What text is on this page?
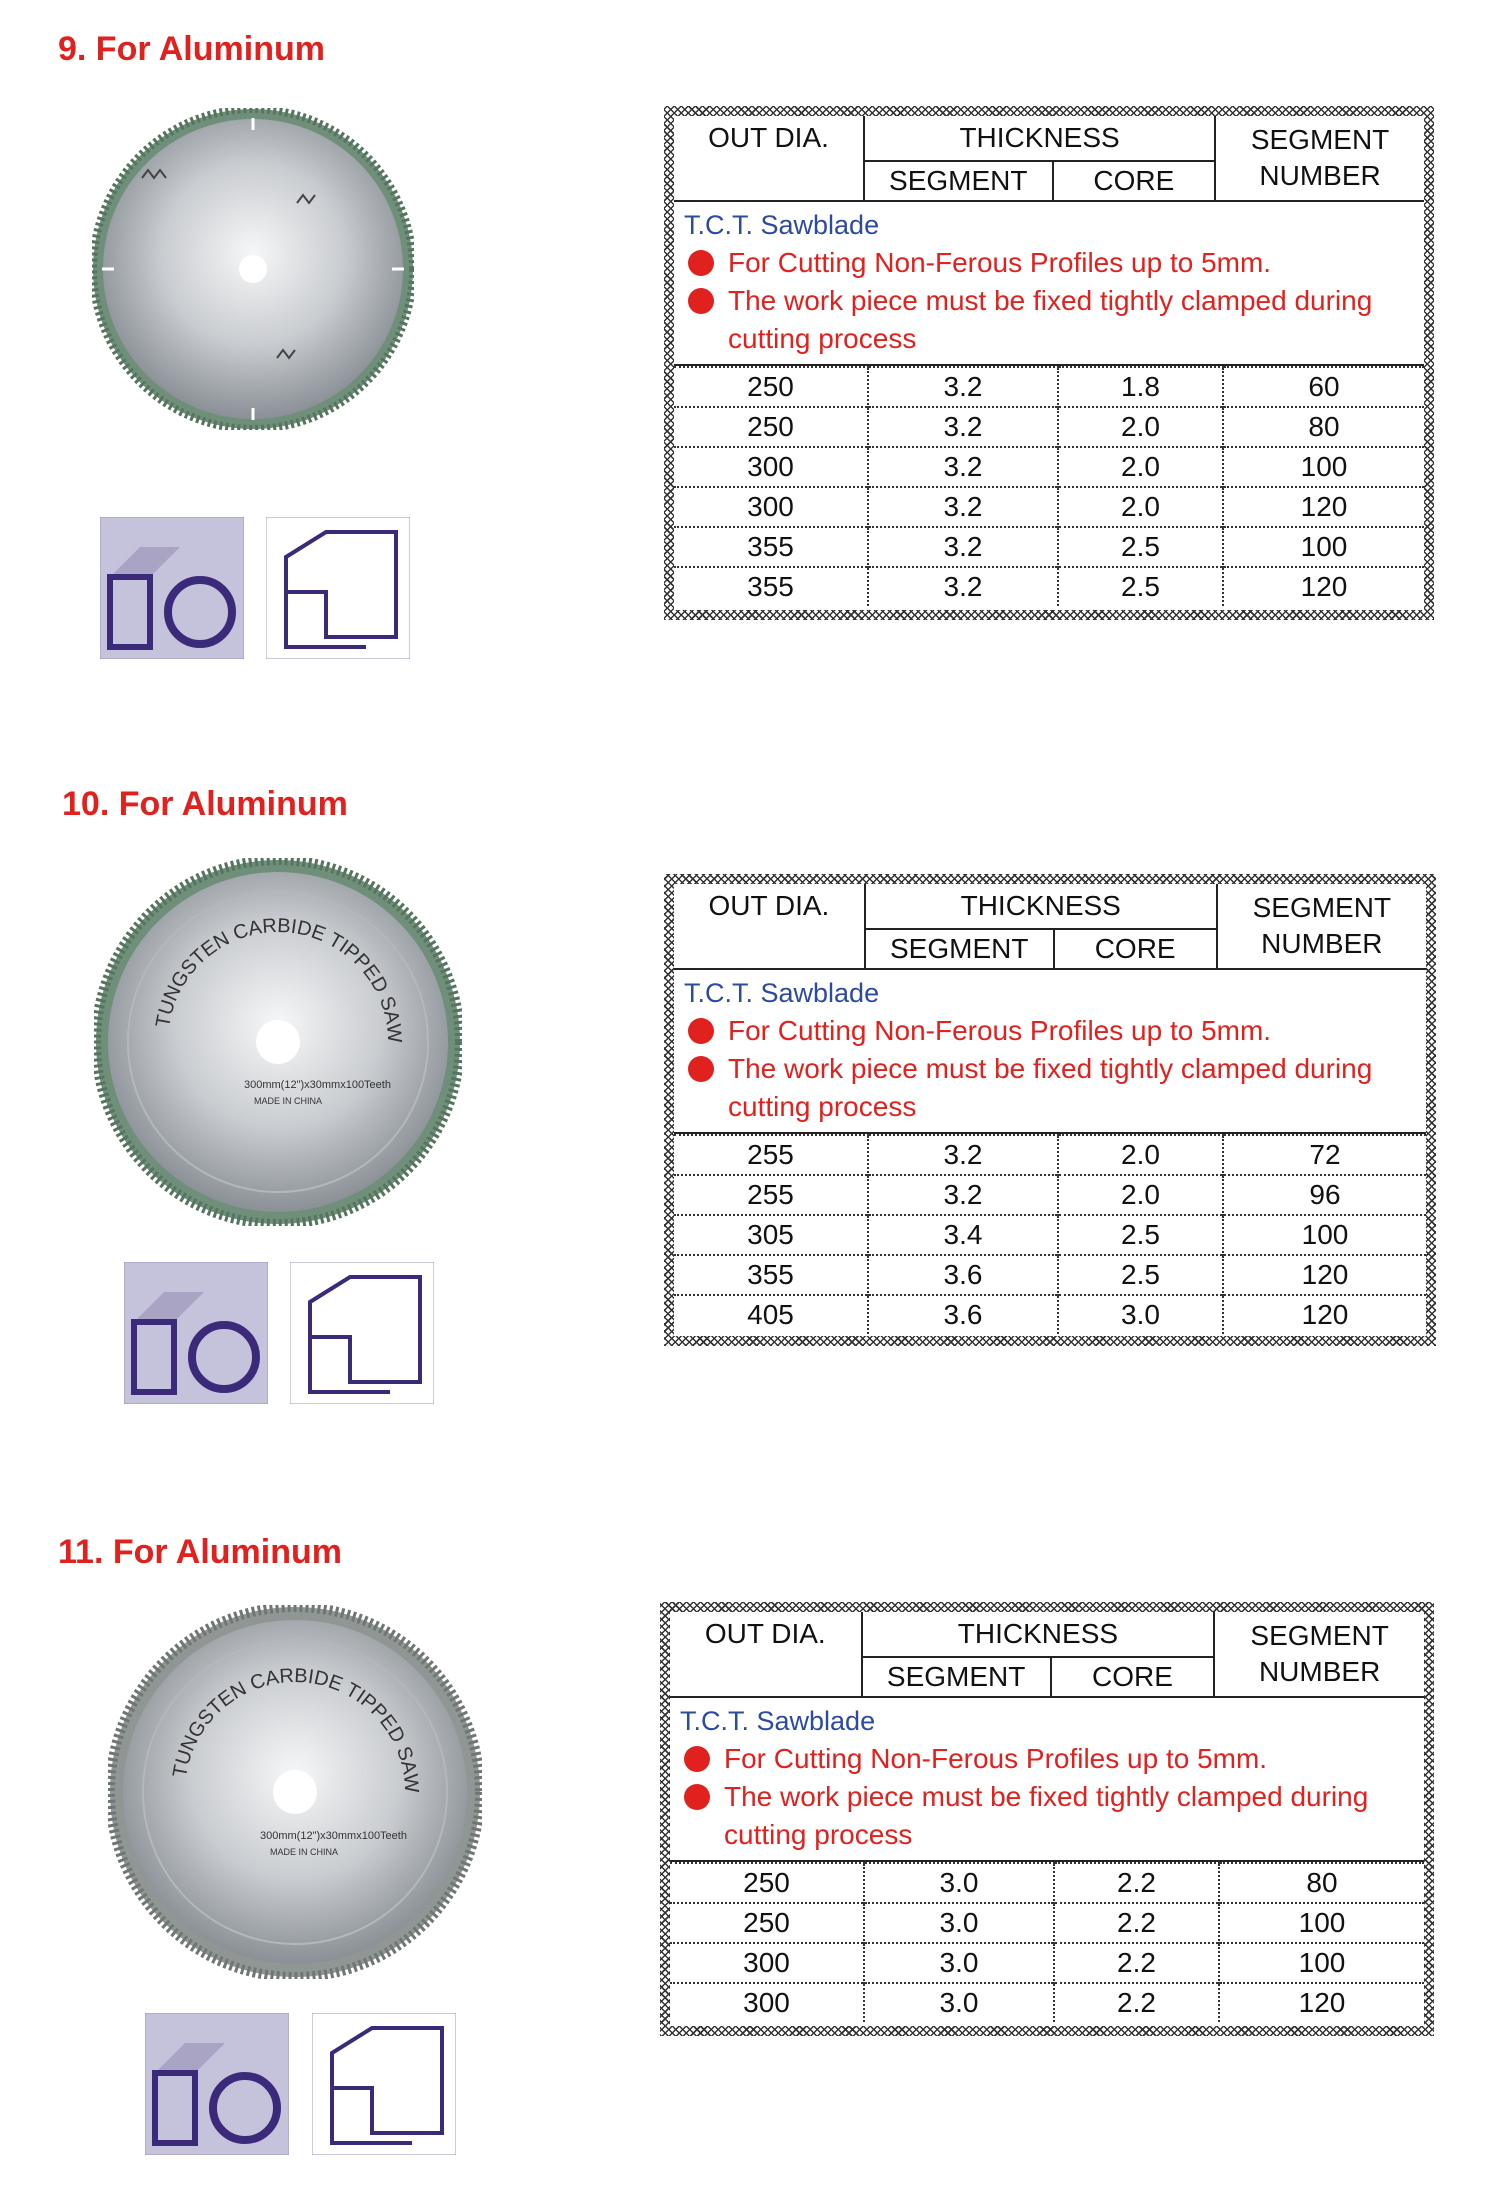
9. For Aluminum
OUT DIA.	THICKNESS		SEGMENT
NUMBER

	SEGMENT	CORE	
T.C.T. Sawblade
For Cutting Non-Ferous Profiles up to 5mm.
The work piece must be fixed tightly clamped during cutting process
250	3.2	1.8	60
250	3.2	2.0	80
300	3.2	2.0	100
300	3.2	2.0	120
355	3.2	2.5	100
355	3.2	2.5	120
10. For Aluminum
TUNGSTEN CARBIDE TIPPED SAW
300mm(12")x30mmx100Teeth
MADE IN CHINA
OUT DIA.	THICKNESS		SEGMENT
NUMBER

	SEGMENT	CORE	
T.C.T. Sawblade
For Cutting Non-Ferous Profiles up to 5mm.
The work piece must be fixed tightly clamped during cutting process
255	3.2	2.0	72
255	3.2	2.0	96
305	3.4	2.5	100
355	3.6	2.5	120
405	3.6	3.0	120
11. For Aluminum
TUNGSTEN CARBIDE TIPPED SAW
300mm(12")x30mmx100Teeth
MADE IN CHINA
OUT DIA.	THICKNESS		SEGMENT
NUMBER

	SEGMENT	CORE	
T.C.T. Sawblade
For Cutting Non-Ferous Profiles up to 5mm.
The work piece must be fixed tightly clamped during cutting process
250	3.0	2.2	80
250	3.0	2.2	100
300	3.0	2.2	100
300	3.0	2.2	120
